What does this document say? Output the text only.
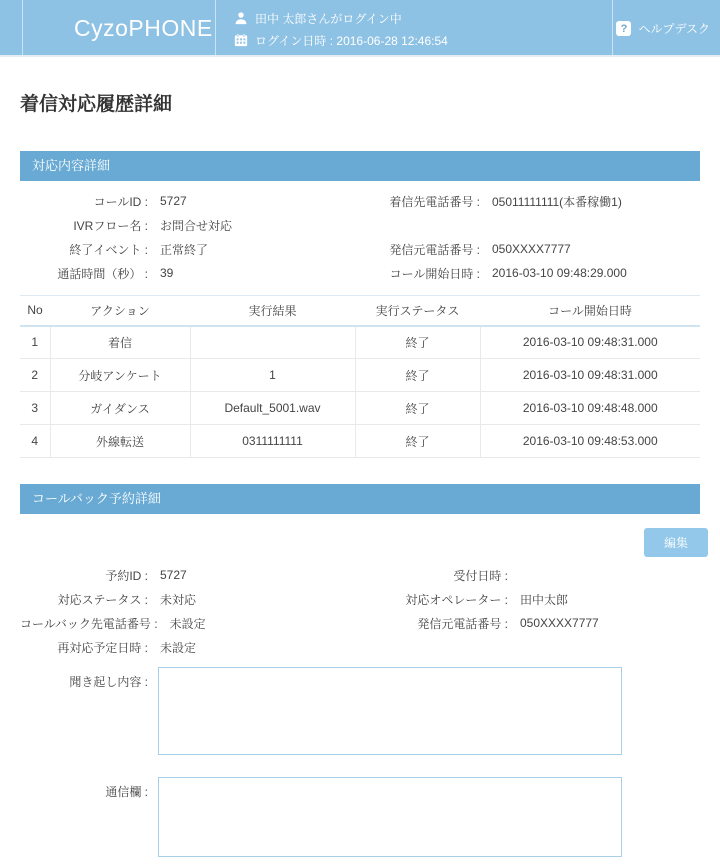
CyzoPHONE	田中 太郎さんがログイン中
ログイン日時 : 2016-06-28 12:46:54
? ヘルプデスク
着信対応履歴詳細
対応内容詳細
コールID : 5727
IVRフロー名 : お問合せ対応
終了イベント : 正常終了
通話時間（秒） : 39
着信先電話番号 : 05011111111(本番稼働1)
発信元電話番号 : 050XXXX7777
コール開始日時 : 2016-03-10 09:48:29.000
No	アクション	実行結果	実行ステータス	コール開始日時
1	着信		終了	2016-03-10 09:48:31.000
2	分岐アンケート	1	終了	2016-03-10 09:48:31.000
3	ガイダンス	Default_5001.wav	終了	2016-03-10 09:48:48.000
4	外線転送	0311111111	終了	2016-03-10 09:48:53.000
コールバック予約詳細
編集
予約ID : 5727
対応ステータス : 未対応
コールバック先電話番号 : 未設定
再対応予定日時 : 未設定
受付日時 :
対応オペレーター : 田中太郎
発信元電話番号 : 050XXXX7777
聞き起し内容 :
通信欄 :
